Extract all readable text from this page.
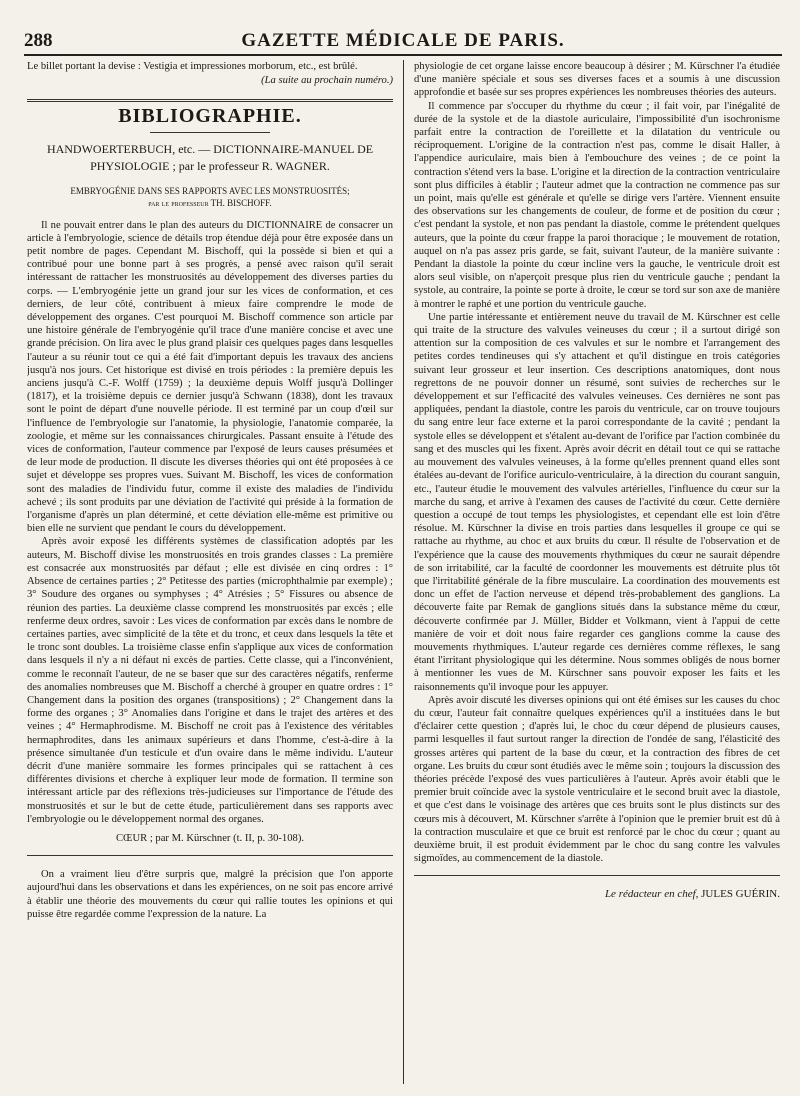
288	GAZETTE MÉDICALE DE PARIS.

Le billet portant la devise : Vestigia et impressiones morborum, etc., est brûlé.

(La suite au prochain numéro.)
BIBLIOGRAPHIE.
HANDWOERTERBUCH, etc. — DICTIONNAIRE-MANUEL DE PHYSIOLOGIE ; par le professeur R. WAGNER.
EMBRYOGÉNIE DANS SES RAPPORTS AVEC LES MONSTRUOSITÉS;
par le professeur TH. BISCHOFF.

Il ne pouvait entrer dans le plan des auteurs du DICTIONNAIRE de consacrer un article à l'embryologie, science de détails trop étendue déjà pour être exposée dans un petit nombre de pages. Cependant M. Bischoff, qui la possède si bien et qui a contribué pour une bonne part à ses progrès, a pensé avec raison qu'il serait intéressant de rattacher les monstruosités au développement des diverses parties du corps. — L'embryogénie jette un grand jour sur les vices de conformation, et ces derniers, de leur côté, contribuent à mieux faire comprendre le mode de développement des organes. C'est pourquoi M. Bischoff commence son article par une histoire générale de l'embryogénie qu'il trace d'une manière concise et avec une grande précision. On lira avec le plus grand plaisir ces quelques pages dans lesquelles l'auteur a su réunir tout ce qui a été fait d'important depuis les travaux des anciens jusqu'à nos jours. Cet historique est divisé en trois périodes : la première depuis les anciens jusqu'à C.-F. Wolff (1759) ; la deuxième depuis Wolff jusqu'à Dollinger (1817), et la troisième depuis ce dernier jusqu'à Schwann (1838), dont les travaux sont le point de départ d'une nouvelle période. Il est terminé par un coup d'œil sur l'influence de l'embryologie sur l'anatomie, la physiologie, l'anatomie comparée, la zoologie, et même sur les connaissances chirurgicales. Passant ensuite à l'étude des vices de conformation, l'auteur commence par l'exposé de leurs causes présumées et de leur mode de production. Il discute les diverses théories qui ont été proposées à ce sujet et développe ses propres vues. Suivant M. Bischoff, les vices de conformation sont des maladies de l'individu futur, comme il existe des maladies de l'individu achevé ; ils sont produits par une déviation de l'activité qui préside à la formation de l'organisme d'après un plan déterminé, et cette déviation elle-même est primitive ou bien elle ne survient que pendant le cours du développement.

Après avoir exposé les différents systèmes de classification adoptés par les auteurs, M. Bischoff divise les monstruosités en trois grandes classes : La première est consacrée aux monstruosités par défaut ; elle est divisée en cinq ordres : 1° Absence de certaines parties ; 2° Petitesse des parties (microphthalmie par exemple) ; 3° Soudure des organes ou symphyses ; 4° Atrésies ; 5° Fissures ou absence de réunion des parties. La deuxième classe comprend les monstruosités par excès ; elle renferme deux ordres, savoir : Les vices de conformation par excès dans le nombre de certaines parties, avec simplicité de la tête et du tronc, et ceux dans lesquels la tête et le tronc sont doubles. La troisième classe enfin s'applique aux vices de conformation dans lesquels il n'y a ni défaut ni excès de parties. Cette classe, qui a l'inconvénient, comme le reconnaît l'auteur, de ne se baser que sur des caractères négatifs, renferme des anomalies nombreuses que M. Bischoff a cherché à grouper en quatre ordres : 1° Changement dans la position des organes (transpositions) ; 2° Changement dans la forme des organes ; 3° Anomalies dans l'origine et dans le trajet des artères et des veines ; 4° Hermaphrodisme. M. Bischoff ne croit pas à l'existence des véritables hermaphrodites, dans les animaux supérieurs et dans l'homme, c'est-à-dire à la présence simultanée d'un testicule et d'un ovaire dans le même individu. L'auteur décrit d'une manière sommaire les formes principales qui se rattachent à ces différentes divisions et cherche à expliquer leur mode de formation. Il termine son intéressant article par des réflexions très-judicieuses sur l'importance de l'étude des monstruosités et sur le but de cette étude, particulièrement dans ses rapports avec l'embryologie ou le développement normal des organes.

CŒUR ; par M. Kürschner (t. II, p. 30-108).

On a vraiment lieu d'être surpris que, malgré la précision que l'on apporte aujourd'hui dans les observations et dans les expériences, on ne soit pas encore arrivé à établir une théorie des mouvements du cœur qui rallie toutes les opinions et qui puisse être regardée comme l'expression de la nature. La

physiologie de cet organe laisse encore beaucoup à désirer ; M. Kürschner l'a étudiée d'une manière spéciale et sous ses diverses faces et a soumis à une discussion approfondie et basée sur ses propres expériences les nombreuses théories des auteurs.

Il commence par s'occuper du rhythme du cœur ; il fait voir, par l'inégalité de durée de la systole et de la diastole auriculaire, l'impossibilité d'un isochronisme parfait entre la contraction de l'oreillette et la dilatation du ventricule ou réciproquement. L'origine de la contraction n'est pas, comme le disait Haller, à l'appendice auriculaire, mais bien à l'embouchure des veines ; de ce point la contraction s'étend vers la base. L'origine et la direction de la contraction ventriculaire sont plus difficiles à établir ; l'auteur admet que la contraction ne commence pas sur un point, mais qu'elle est générale et qu'elle se dirige vers l'artère. Viennent ensuite des observations sur les changements de couleur, de forme et de position du cœur ; c'est pendant la systole, et non pas pendant la diastole, comme le prétendent quelques auteurs, que la pointe du cœur frappe la paroi thoracique ; le mouvement de rotation, auquel on n'a pas assez pris garde, se fait, suivant l'auteur, de la manière suivante : Pendant la diastole la pointe du cœur incline vers la gauche, le ventricule droit est alors seul visible, on n'aperçoit presque plus rien du ventricule gauche ; pendant la systole, au contraire, la pointe se porte à droite, le cœur se tord sur son axe de manière à montrer le raphé et une portion du ventricule gauche.

Une partie intéressante et entièrement neuve du travail de M. Kürschner est celle qui traite de la structure des valvules veineuses du cœur ; il a surtout dirigé son attention sur la composition de ces valvules et sur le nombre et l'arrangement des petites cordes tendineuses qui s'y attachent et qu'il distingue en trois catégories suivant leur grosseur et leur insertion. Ces descriptions anatomiques, dont nous regrettons de ne pouvoir donner un résumé, sont suivies de recherches sur le développement et sur l'efficacité des valvules veineuses. Ces dernières ne sont pas appliquées, pendant la diastole, contre les parois du ventricule, car on trouve toujours du sang entre leur face externe et la paroi correspondante de la cavité ; pendant la systole elles se développent et s'étalent au-devant de l'orifice par l'action combinée du sang et des muscles qui les fixent. Après avoir décrit en détail tout ce qui se rattache au mouvement des valvules veineuses, à la forme qu'elles prennent quand elles sont étalées au-devant de l'orifice auriculo-ventriculaire, à la direction du courant sanguin, etc., l'auteur étudie le mouvement des valvules artérielles, l'influence du cœur sur la marche du sang, et arrive à l'examen des causes de l'activité du cœur. Cette dernière question a occupé de tout temps les physiologistes, et cependant elle est loin d'être résolue. M. Kürschner la divise en trois parties dans lesquelles il groupe ce qui se rattache au rhythme, au choc et aux bruits du cœur. Il résulte de l'observation et de l'expérience que la cause des mouvements rhythmiques du cœur ne saurait dépendre de son irritabilité, car la faculté de coordonner les mouvements est détruite plus tôt que l'irritabilité générale de la fibre musculaire. La coordination des mouvements est donc un effet de l'action nerveuse et dépend très-probablement des ganglions. La découverte faite par Remak de ganglions situés dans la substance même du cœur, découverte confirmée par J. Müller, Bidder et Volkmann, vient à l'appui de cette manière de voir et doit nous faire regarder ces ganglions comme la cause des mouvements rhythmiques. L'auteur regarde ces dernières comme réflexes, le sang étant l'irritant physiologique qui les détermine. Nous sommes obligés de nous borner à mentionner les vues de M. Kürschner sans pouvoir exposer les faits et les raisonnements qu'il invoque pour les appuyer.

Après avoir discuté les diverses opinions qui ont été émises sur les causes du choc du cœur, l'auteur fait connaître quelques expériences qu'il a instituées dans le but d'éclairer cette question ; d'après lui, le choc du cœur dépend de plusieurs causes, parmi lesquelles il faut surtout ranger la direction de l'ondée de sang, l'élasticité des grosses artères qui partent de la base du cœur, et la contraction des fibres de cet organe. Les bruits du cœur sont étudiés avec le même soin ; toujours la discussion des théories précède l'exposé des vues particulières à l'auteur. Après avoir établi que le premier bruit coïncide avec la systole ventriculaire et le second bruit avec la diastole, et que c'est dans le voisinage des artères que ces bruits sont le plus distincts sur des cœurs mis à découvert, M. Kürschner s'arrête à l'opinion que le premier bruit est dû à la contraction musculaire et que ce bruit est renforcé par le choc du cœur ; quant au deuxième bruit, il est produit évidemment par le choc du sang contre les valvules sigmoïdes, au commencement de la diastole.

Le rédacteur en chef, JULES GUÉRIN.
